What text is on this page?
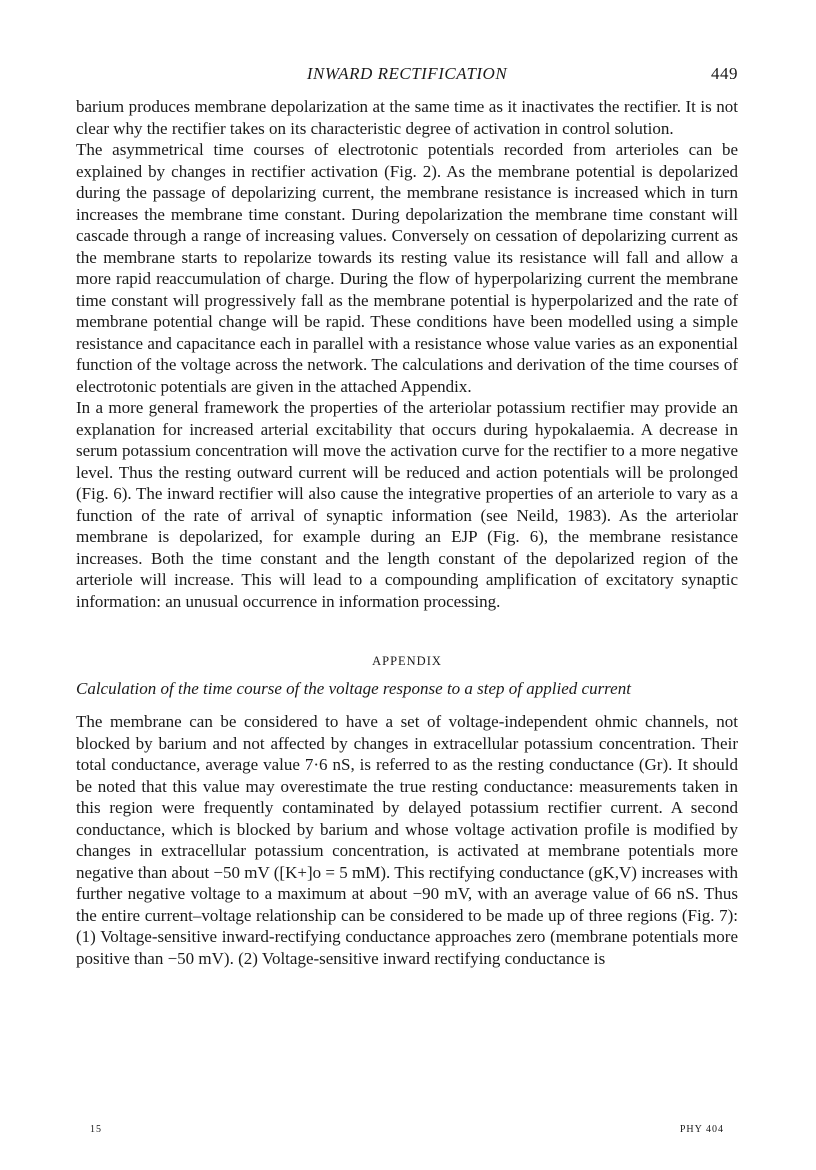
INWARD RECTIFICATION	449

barium produces membrane depolarization at the same time as it inactivates the rectifier. It is not clear why the rectifier takes on its characteristic degree of activation in control solution.

The asymmetrical time courses of electrotonic potentials recorded from arterioles can be explained by changes in rectifier activation (Fig. 2). As the membrane potential is depolarized during the passage of depolarizing current, the membrane resistance is increased which in turn increases the membrane time constant. During depolarization the membrane time constant will cascade through a range of increasing values. Conversely on cessation of depolarizing current as the membrane starts to repolarize towards its resting value its resistance will fall and allow a more rapid reaccumulation of charge. During the flow of hyperpolarizing current the membrane time constant will progressively fall as the membrane potential is hyperpolarized and the rate of membrane potential change will be rapid. These conditions have been modelled using a simple resistance and capacitance each in parallel with a resistance whose value varies as an exponential function of the voltage across the network. The calculations and derivation of the time courses of electrotonic potentials are given in the attached Appendix.

In a more general framework the properties of the arteriolar potassium rectifier may provide an explanation for increased arterial excitability that occurs during hypokalaemia. A decrease in serum potassium concentration will move the activation curve for the rectifier to a more negative level. Thus the resting outward current will be reduced and action potentials will be prolonged (Fig. 6). The inward rectifier will also cause the integrative properties of an arteriole to vary as a function of the rate of arrival of synaptic information (see Neild, 1983). As the arteriolar membrane is depolarized, for example during an EJP (Fig. 6), the membrane resistance increases. Both the time constant and the length constant of the depolarized region of the arteriole will increase. This will lead to a compounding amplification of excitatory synaptic information: an unusual occurrence in information processing.

APPENDIX
Calculation of the time course of the voltage response to a step of applied current

The membrane can be considered to have a set of voltage-independent ohmic channels, not blocked by barium and not affected by changes in extracellular potassium concentration. Their total conductance, average value 7·6 nS, is referred to as the resting conductance (Gr). It should be noted that this value may overestimate the true resting conductance: measurements taken in this region were frequently contaminated by delayed potassium rectifier current. A second conductance, which is blocked by barium and whose voltage activation profile is modified by changes in extracellular potassium concentration, is activated at membrane potentials more negative than about −50 mV ([K+]o = 5 mM). This rectifying conductance (gK,V) increases with further negative voltage to a maximum at about −90 mV, with an average value of 66 nS. Thus the entire current–voltage relationship can be considered to be made up of three regions (Fig. 7): (1) Voltage-sensitive inward-rectifying conductance approaches zero (membrane potentials more positive than −50 mV). (2) Voltage-sensitive inward rectifying conductance is

15	PHY 404
